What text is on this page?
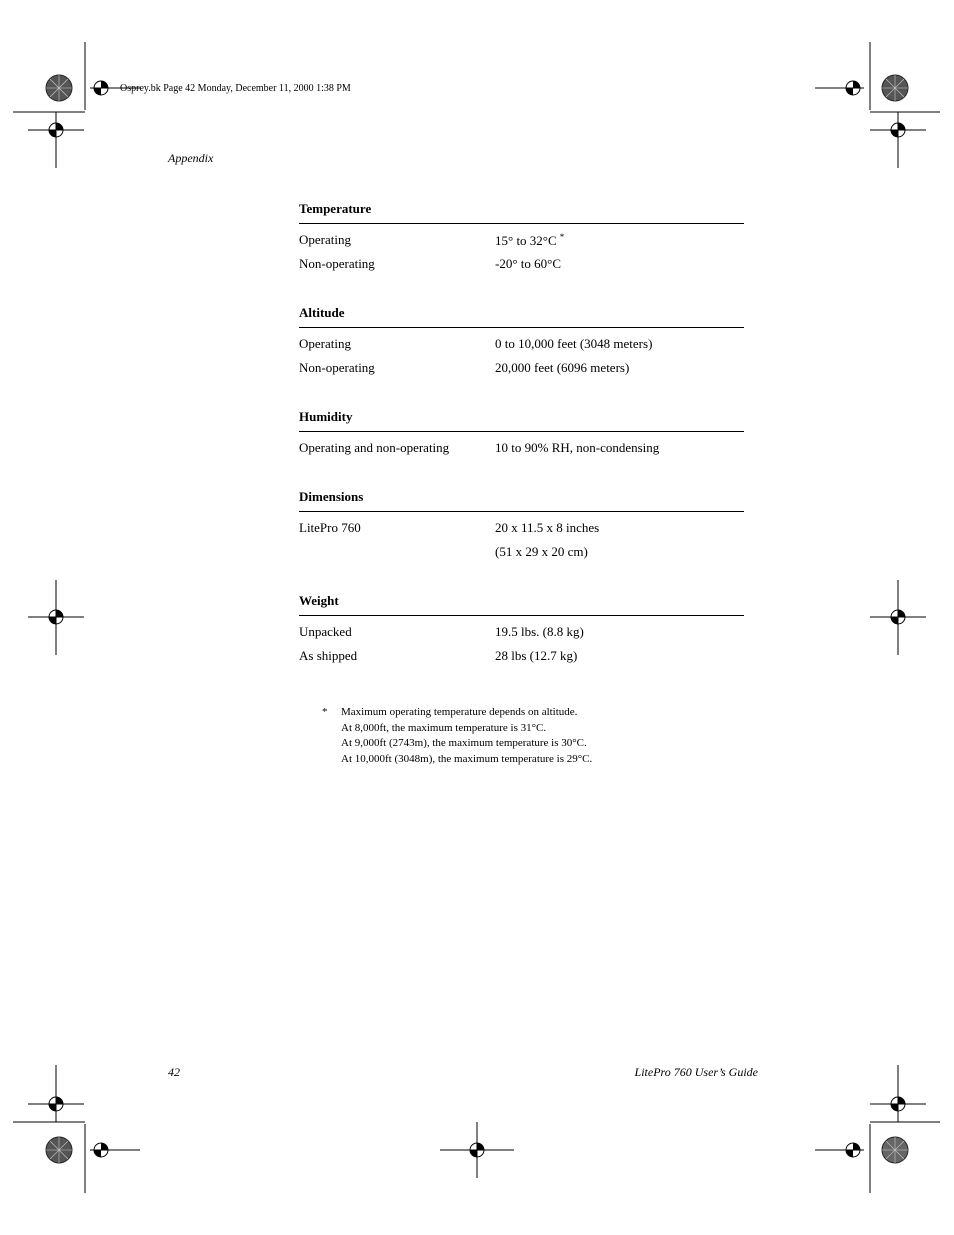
Osprey.bk Page 42 Monday, December 11, 2000 1:38 PM
Appendix
Temperature
Operating	15° to 32°C *
Non-operating	-20° to 60°C
Altitude
Operating	0 to 10,000 feet (3048 meters)
Non-operating	20,000 feet (6096 meters)
Humidity
Operating and non-operating	10 to 90% RH, non-condensing
Dimensions
LitePro 760	20 x 11.5 x 8 inches
(51 x 29 x 20 cm)
Weight
Unpacked	19.5 lbs. (8.8 kg)
As shipped	28 lbs (12.7 kg)
* Maximum operating temperature depends on altitude.
At 8,000ft, the maximum temperature is 31°C.
At 9,000ft (2743m), the maximum temperature is 30°C.
At 10,000ft (3048m), the maximum temperature is 29°C.
42	LitePro 760 User’s Guide
